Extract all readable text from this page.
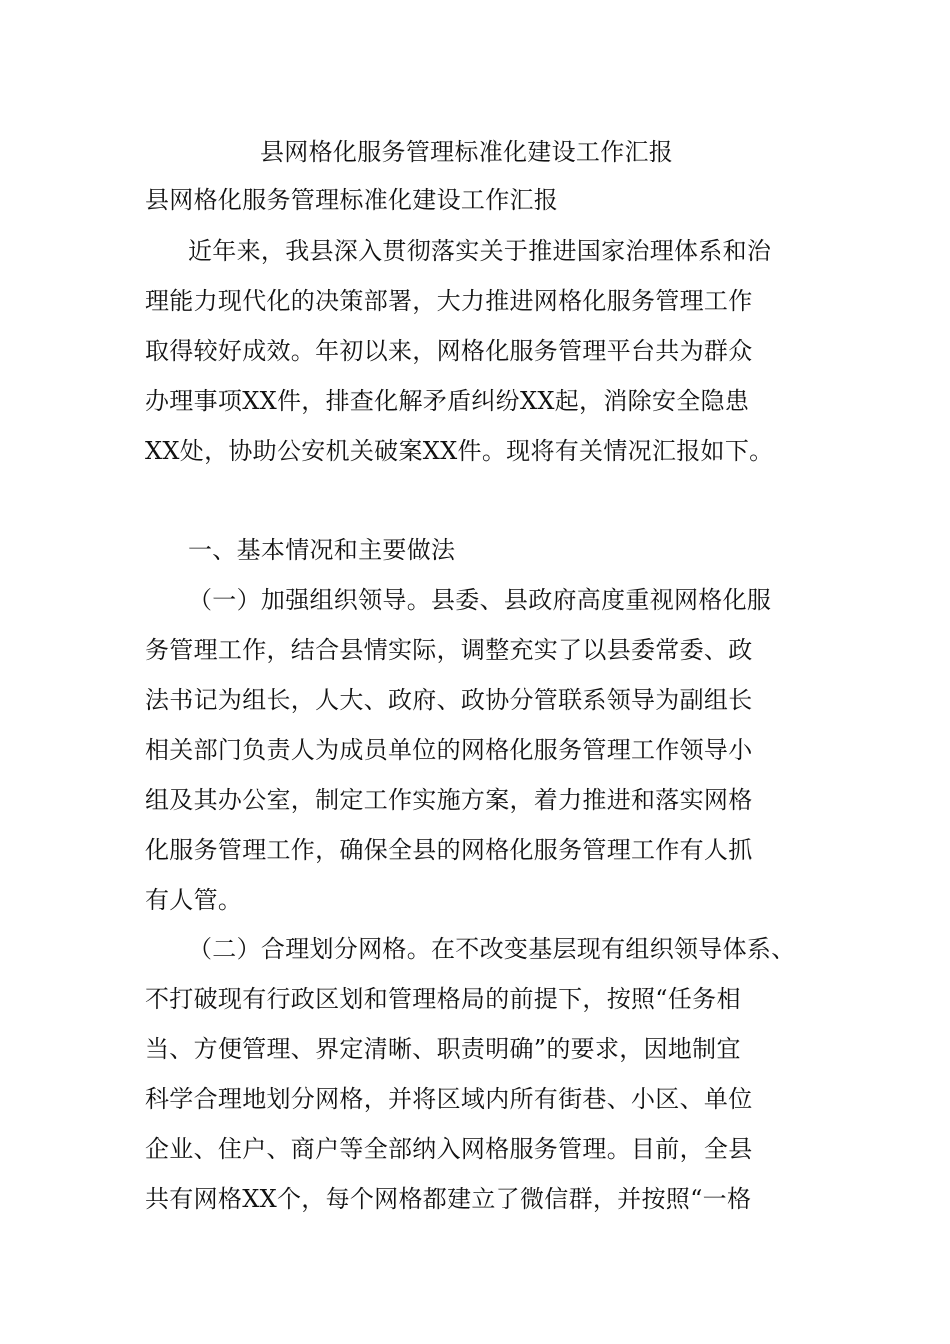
县网格化服务管理标准化建设工作汇报
县网格化服务管理标准化建设工作汇报
近年来，我县深入贯彻落实关于推进国家治理体系和治
理能力现代化的决策部署，大力推进网格化服务管理工作
取得较好成效。年初以来，网格化服务管理平台共为群众
办理事项XX件，排查化解矛盾纠纷XX起，消除安全隐患
XX处，协助公安机关破案XX件。现将有关情况汇报如下。
一、基本情况和主要做法
（一）加强组织领导。县委、县政府高度重视网格化服
务管理工作，结合县情实际，调整充实了以县委常委、政
法书记为组长，人大、政府、政协分管联系领导为副组长
相关部门负责人为成员单位的网格化服务管理工作领导小
组及其办公室，制定工作实施方案，着力推进和落实网格
化服务管理工作，确保全县的网格化服务管理工作有人抓
有人管。
（二）合理划分网格。在不改变基层现有组织领导体系、
不打破现有行政区划和管理格局的前提下，按照“任务相
当、方便管理、界定清晰、职责明确”的要求，因地制宜
科学合理地划分网格，并将区域内所有街巷、小区、单位
企业、住户、商户等全部纳入网格服务管理。目前，全县
共有网格XX个，每个网格都建立了微信群，并按照“一格
